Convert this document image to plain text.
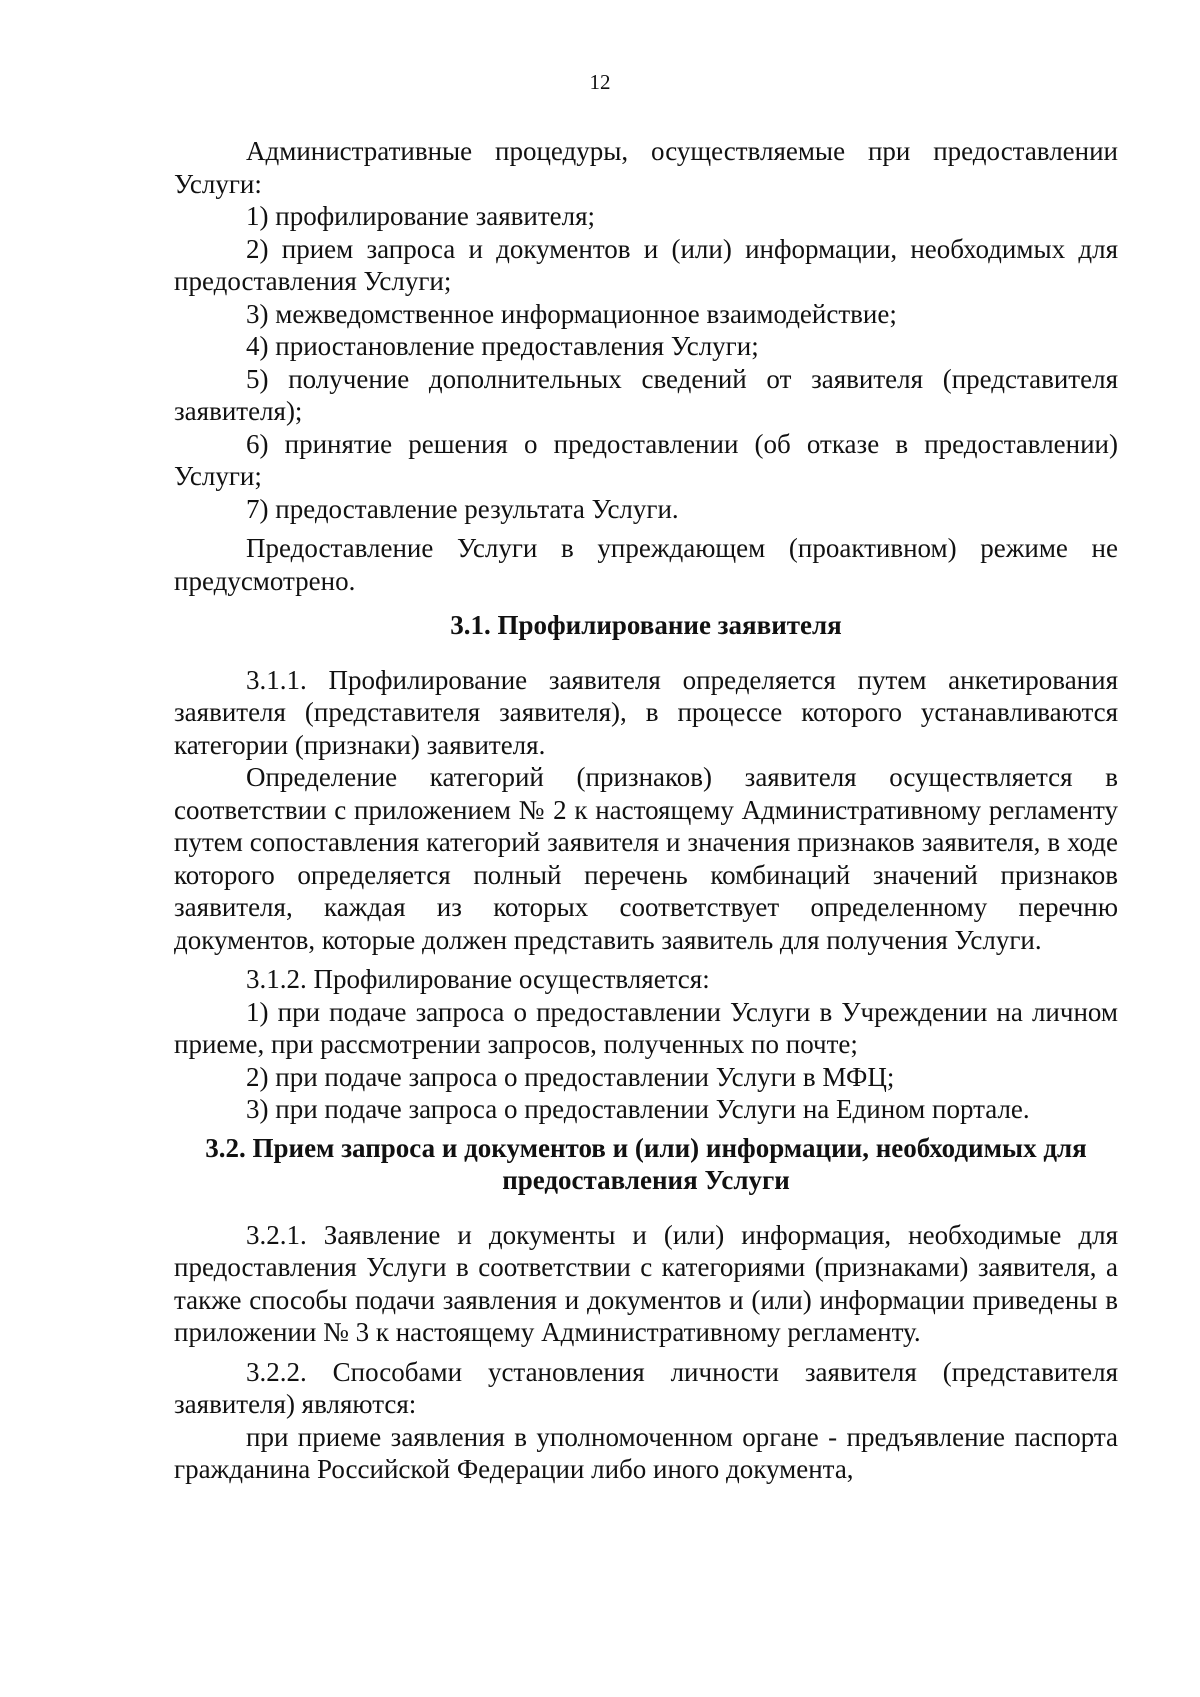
12

Административные процедуры, осуществляемые при предоставлении Услуги:

1) профилирование заявителя;

2) прием запроса и документов и (или) информации, необходимых для предоставления Услуги;

3) межведомственное информационное взаимодействие;

4) приостановление предоставления Услуги;

5) получение дополнительных сведений от заявителя (представителя заявителя);

6) принятие решения о предоставлении (об отказе в предоставлении) Услуги;

7) предоставление результата Услуги.

Предоставление Услуги в упреждающем (проактивном) режиме не предусмотрено.

3.1. Профилирование заявителя

3.1.1. Профилирование заявителя определяется путем анкетирования заявителя (представителя заявителя), в процессе которого устанавливаются категории (признаки) заявителя.

Определение категорий (признаков) заявителя осуществляется в соответствии с приложением № 2 к настоящему Административному регламенту путем сопоставления категорий заявителя и значения признаков заявителя, в ходе которого определяется полный перечень комбинаций значений признаков заявителя, каждая из которых соответствует определенному перечню документов, которые должен представить заявитель для получения Услуги.

3.1.2. Профилирование осуществляется:

1) при подаче запроса о предоставлении Услуги в Учреждении на личном приеме, при рассмотрении запросов, полученных по почте;

2) при подаче запроса о предоставлении Услуги в МФЦ;

3) при подаче запроса о предоставлении Услуги на Едином портале.

3.2. Прием запроса и документов и (или) информации, необходимых для предоставления Услуги

3.2.1. Заявление и документы и (или) информация, необходимые для предоставления Услуги в соответствии с категориями (признаками) заявителя, а также способы подачи заявления и документов и (или) информации приведены в приложении № 3 к настоящему Административному регламенту.

3.2.2. Способами установления личности заявителя (представителя заявителя) являются:

при приеме заявления в уполномоченном органе - предъявление паспорта гражданина Российской Федерации либо иного документа,
